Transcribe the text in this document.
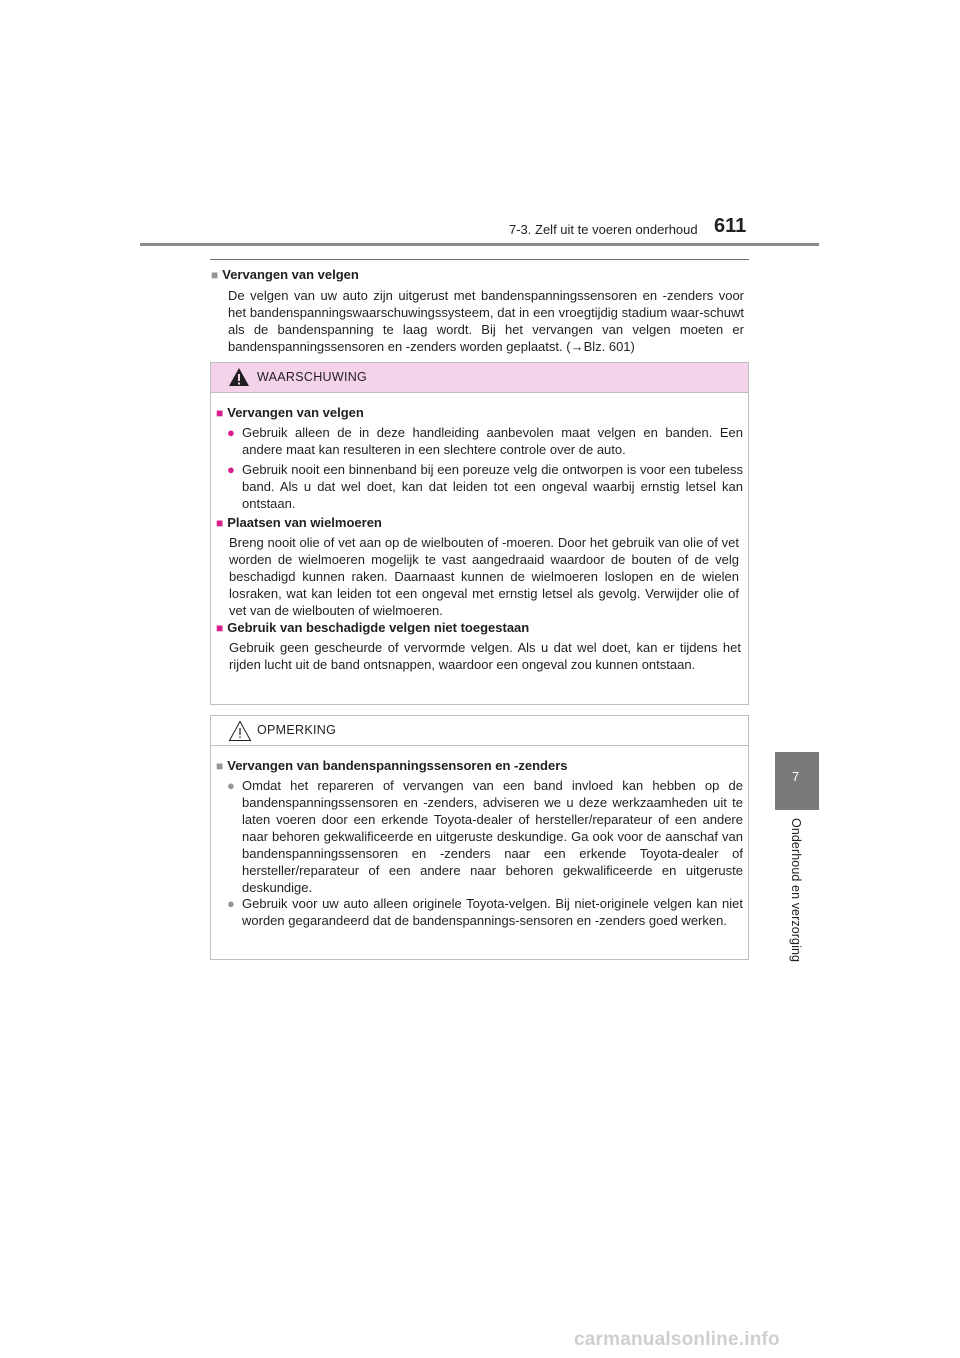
7-3. Zelf uit te voeren onderhoud 611
7
Onderhoud en verzorging
■ Vervangen van velgen
De velgen van uw auto zijn uitgerust met bandenspanningssensoren en -zenders voor het bandenspanningswaarschuwingssysteem, dat in een vroegtijdig stadium waar-schuwt als de bandenspanning te laag wordt. Bij het vervangen van velgen moeten er bandenspanningssensoren en -zenders worden geplaatst. (→Blz. 601)
WAARSCHUWING
■ Vervangen van velgen
● Gebruik alleen de in deze handleiding aanbevolen maat velgen en banden. Een andere maat kan resulteren in een slechtere controle over de auto.
● Gebruik nooit een binnenband bij een poreuze velg die ontworpen is voor een tubeless band. Als u dat wel doet, kan dat leiden tot een ongeval waarbij ernstig letsel kan ontstaan.
■ Plaatsen van wielmoeren
Breng nooit olie of vet aan op de wielbouten of -moeren. Door het gebruik van olie of vet worden de wielmoeren mogelijk te vast aangedraaid waardoor de bouten of de velg beschadigd kunnen raken. Daarnaast kunnen de wielmoeren loslopen en de wielen losraken, wat kan leiden tot een ongeval met ernstig letsel als gevolg. Verwijder olie of vet van de wielbouten of wielmoeren.
■ Gebruik van beschadigde velgen niet toegestaan
Gebruik geen gescheurde of vervormde velgen. Als u dat wel doet, kan er tijdens het rijden lucht uit de band ontsnappen, waardoor een ongeval zou kunnen ontstaan.
OPMERKING
■ Vervangen van bandenspanningssensoren en -zenders
● Omdat het repareren of vervangen van een band invloed kan hebben op de bandenspanningssensoren en -zenders, adviseren we u deze werkzaamheden uit te laten voeren door een erkende Toyota-dealer of hersteller/reparateur of een andere naar behoren gekwalificeerde en uitgeruste deskundige. Ga ook voor de aanschaf van bandenspanningssensoren en -zenders naar een erkende Toyota-dealer of hersteller/reparateur of een andere naar behoren gekwalificeerde en uitgeruste deskundige.
● Gebruik voor uw auto alleen originele Toyota-velgen. Bij niet-originele velgen kan niet worden gegarandeerd dat de bandenspannings-sensoren en -zenders goed werken.
carmanualsonline.info
